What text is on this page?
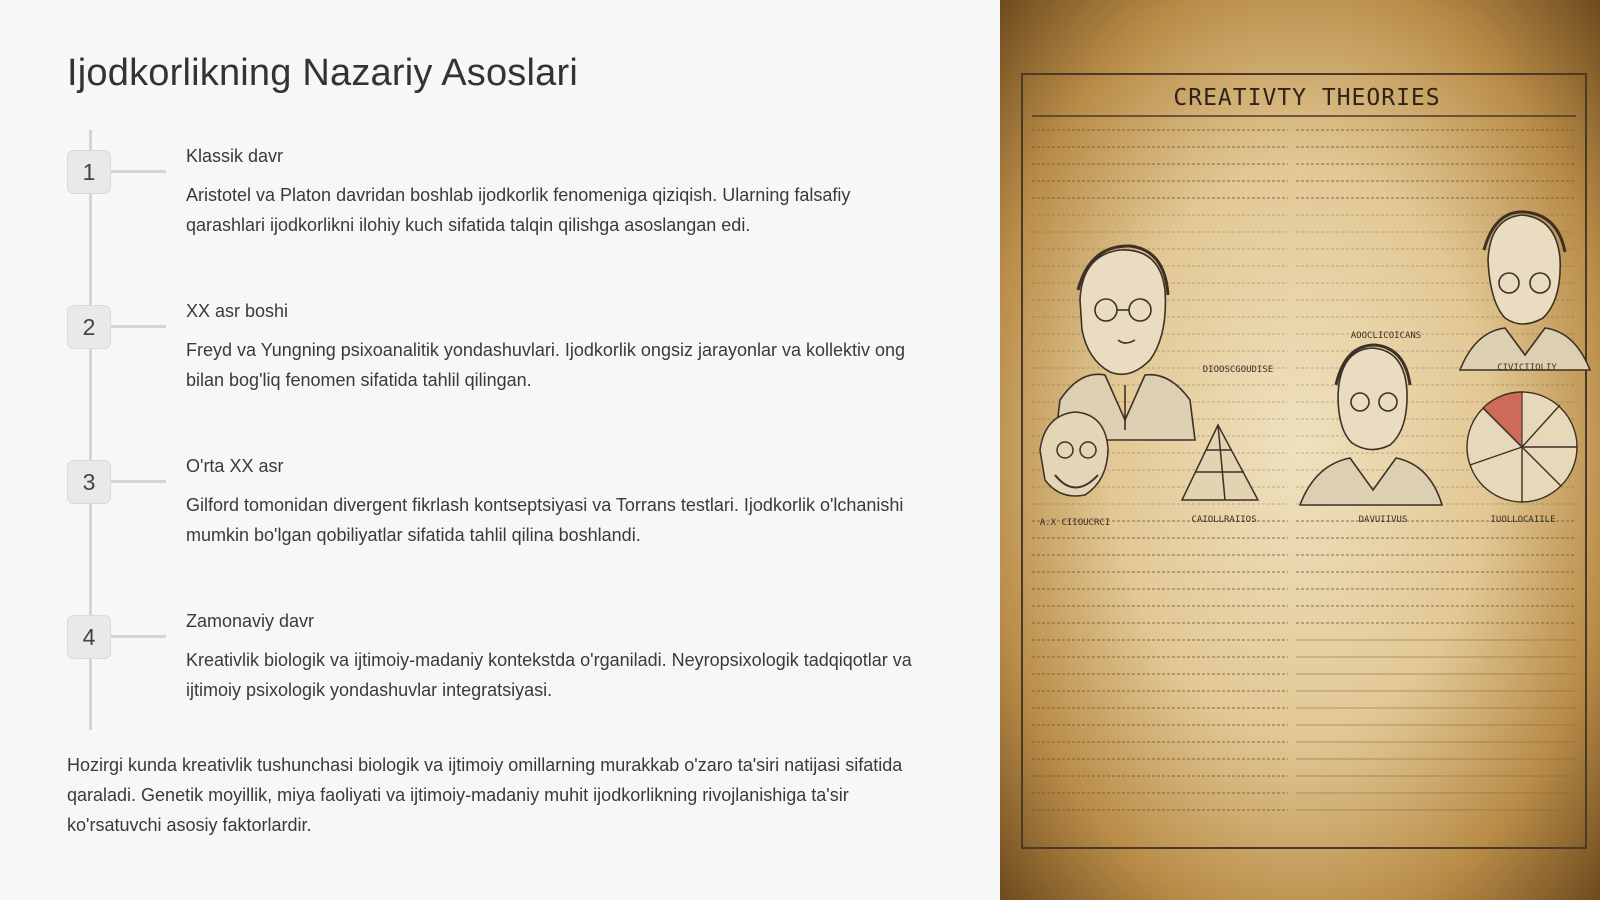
Ijodkorlikning Nazariy Asoslari
1
Klassik davr

Aristotel va Platon davridan boshlab ijodkorlik fenomeniga qiziqish. Ularning falsafiy qarashlari ijodkorlikni ilohiy kuch sifatida talqin qilishga asoslangan edi.

2
XX asr boshi

Freyd va Yungning psixoanalitik yondashuvlari. Ijodkorlik ongsiz jarayonlar va kollektiv ong bilan bog'liq fenomen sifatida tahlil qilingan.

3
O'rta XX asr

Gilford tomonidan divergent fikrlash kontseptsiyasi va Torrans testlari. Ijodkorlik o'lchanishi mumkin bo'lgan qobiliyatlar sifatida tahlil qilina boshlandi.

4
Zamonaviy davr

Kreativlik biologik va ijtimoiy-madaniy kontekstda o'rganiladi. Neyropsixologik tadqiqotlar va ijtimoiy psixologik yondashuvlar integratsiyasi.

Hozirgi kunda kreativlik tushunchasi biologik va ijtimoiy omillarning murakkab o'zaro ta'siri natijasi sifatida qaraladi. Genetik moyillik, miya faoliyati va ijtimoiy-madaniy muhit ijodkorlikning rivojlanishiga ta'sir ko'rsatuvchi asosiy faktorlardir.

CREATIVTY THEORIES
DIOOSCGOUDISE
AOOCLICOICANS
CIVICIIOLIY
A.X CIIOUCRCI	CAIOLLRAIIOS	DAVUIIVUS	IUOLLOCAIILE
